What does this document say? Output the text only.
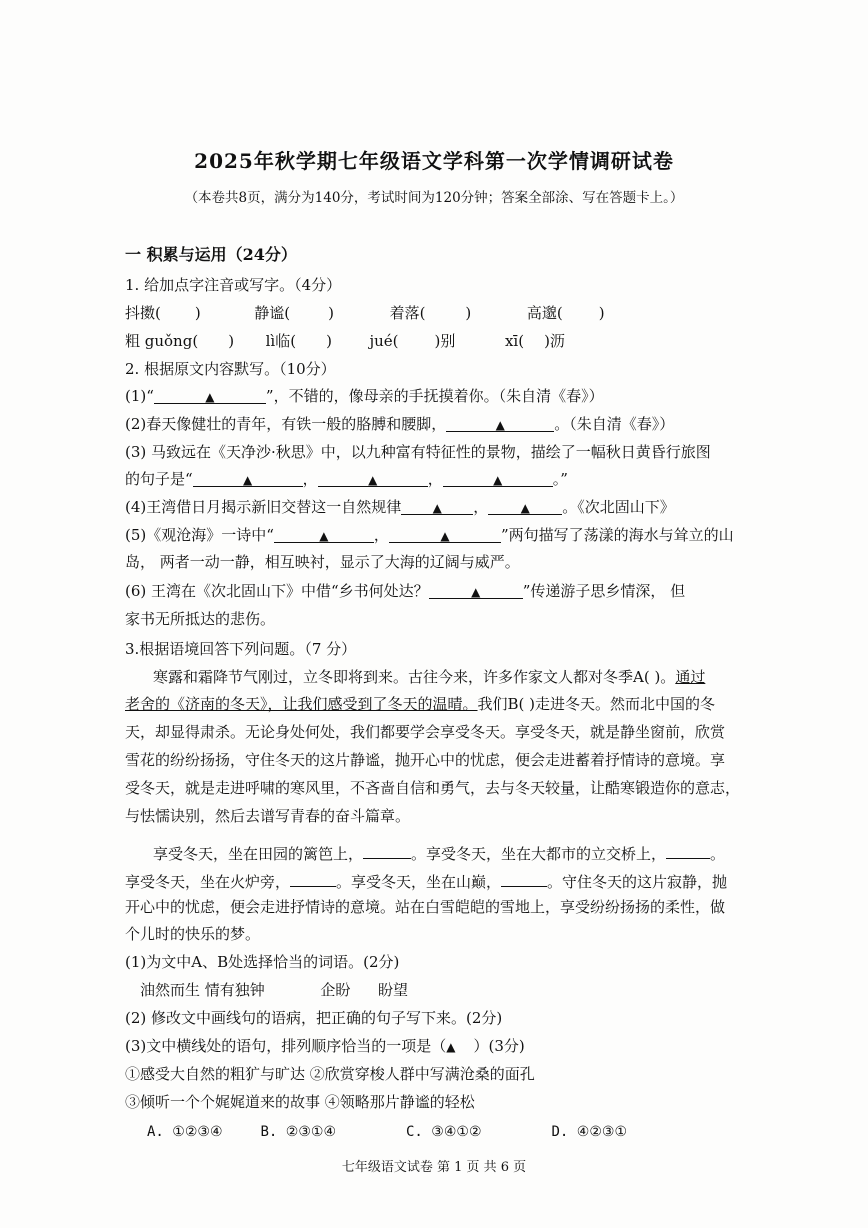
2025年秋学期七年级语文学科第一次学情调研试卷
（本卷共8页，满分为140分，考试时间为120分钟；答案全部涂、写在答题卡上。）
一 积累与运用（24分）
1. 给加点字注音或写字。（4分）
抖擞( )	静谧(	)	着落(	)	高邈( )
粗 guǒng( ) lì临( )	jué( )别	xī( )沥
2. 根据原文内容默写。（10分）
(1)“	▲	”，不错的，像母亲的手抚摸着你。（朱自清《春》）
(2)春天像健壮的青年，有铁一般的胳膊和腰脚，	▲	。（朱自清《春》）
(3) 马致远在《天净沙·秋思》中，以九种富有特征性的景物，描绘了一幅秋日黄昏行旅图
的句子是“	▲	，	▲	，	▲	。”
(4)王湾借日月揭示新旧交替这一自然规律	▲ ，	▲ 。《次北固山下》
(5)《观沧海》一诗中“	▲	，	▲	”两句描写了荡漾的海水与耸立的山
岛， 两者一动一静，相互映衬，显示了大海的辽阔与威严。
(6) 王湾在《次北固山下》中借“乡书何处达？	▲	”传递游子思乡情深， 但
家书无所抵达的悲伤。
3.根据语境回答下列问题。（7 分）
寒露和霜降节气刚过，立冬即将到来。古往今来，许多作家文人都对冬季A( )。通过
老舍的《济南的冬天》，让我们感受到了冬天的温晴。我们B( )走进冬天。然而北中国的冬
天，却显得肃杀。无论身处何处，我们都要学会享受冬天。享受冬天，就是静坐窗前，欣赏
雪花的纷纷扬扬，守住冬天的这片静谧，抛开心中的忧虑，便会走进蓄着抒情诗的意境。享
受冬天，就是走进呼啸的寒风里，不吝啬自信和勇气，去与冬天较量，让酷寒锻造你的意志，
与怯懦诀别，然后去谱写青春的奋斗篇章。
享受冬天，坐在田园的篱笆上，	。享受冬天，坐在大都市的立交桥上，	。
享受冬天，坐在火炉旁，	。享受冬天，坐在山巅，	。守住冬天的这片寂静，抛
开心中的忧虑，便会走进抒情诗的意境。站在白雪皑皑的雪地上，享受纷纷扬扬的柔性，做
个儿时的快乐的梦。
(1)为文中A、B处选择恰当的词语。(2分)
油然而生 情有独钟	企盼 盼望
(2) 修改文中画线句的语病，把正确的句子写下来。(2分)
(3)文中横线处的语句，排列顺序恰当的一项是（▲ ）(3分)
①感受大自然的粗犷与旷达 ②欣赏穿梭人群中写满沧桑的面孔
③倾听一个个娓娓道来的故事 ④领略那片静谧的轻松
A. ①②③④	B. ②③①④	C. ③④①②	D. ④②③①
七年级语文试卷 第 1 页 共 6 页
